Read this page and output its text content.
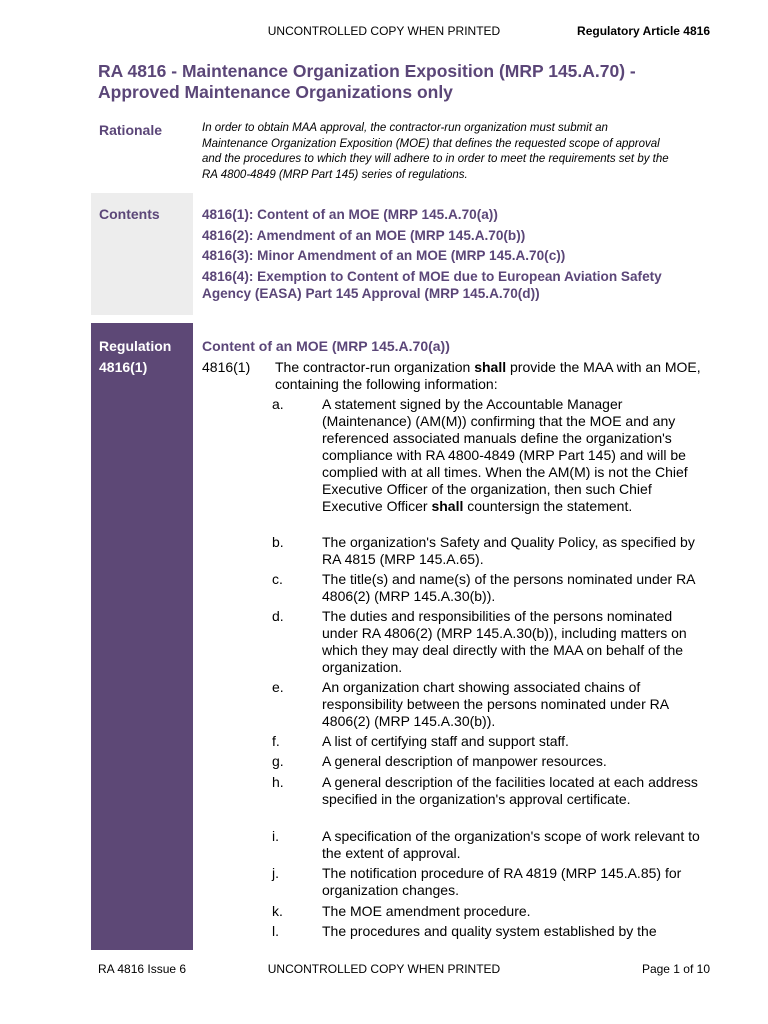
UNCONTROLLED COPY WHEN PRINTED	Regulatory Article 4816
RA 4816 - Maintenance Organization Exposition (MRP 145.A.70) -
Approved Maintenance Organizations only
Rationale	In order to obtain MAA approval, the contractor-run organization must submit an Maintenance Organization Exposition (MOE) that defines the requested scope of approval and the procedures to which they will adhere to in order to meet the requirements set by the RA 4800-4849 (MRP Part 145) series of regulations.
Contents	4816(1): Content of an MOE (MRP 145.A.70(a))
4816(2): Amendment of an MOE (MRP 145.A.70(b))
4816(3): Minor Amendment of an MOE (MRP 145.A.70(c))
4816(4): Exemption to Content of MOE due to European Aviation Safety Agency (EASA) Part 145 Approval (MRP 145.A.70(d))
Regulation
4816(1)
Content of an MOE (MRP 145.A.70(a))
4816(1) The contractor-run organization shall provide the MAA with an MOE, containing the following information:
a.	A statement signed by the Accountable Manager (Maintenance) (AM(M)) confirming that the MOE and any referenced associated manuals define the organization's compliance with RA 4800-4849 (MRP Part 145) and will be complied with at all times. When the AM(M) is not the Chief Executive Officer of the organization, then such Chief Executive Officer shall countersign the statement.
b.	The organization's Safety and Quality Policy, as specified by RA 4815 (MRP 145.A.65).
c.	The title(s) and name(s) of the persons nominated under RA 4806(2) (MRP 145.A.30(b)).
d.	The duties and responsibilities of the persons nominated under RA 4806(2) (MRP 145.A.30(b)), including matters on which they may deal directly with the MAA on behalf of the organization.
e.	An organization chart showing associated chains of responsibility between the persons nominated under RA 4806(2) (MRP 145.A.30(b)).
f.	A list of certifying staff and support staff.
g.	A general description of manpower resources.
h.	A general description of the facilities located at each address specified in the organization's approval certificate.
i.	A specification of the organization's scope of work relevant to the extent of approval.
j.	The notification procedure of RA 4819 (MRP 145.A.85) for organization changes.
k.	The MOE amendment procedure.
l.	The procedures and quality system established by the
RA 4816 Issue 6	UNCONTROLLED COPY WHEN PRINTED	Page 1 of 10
